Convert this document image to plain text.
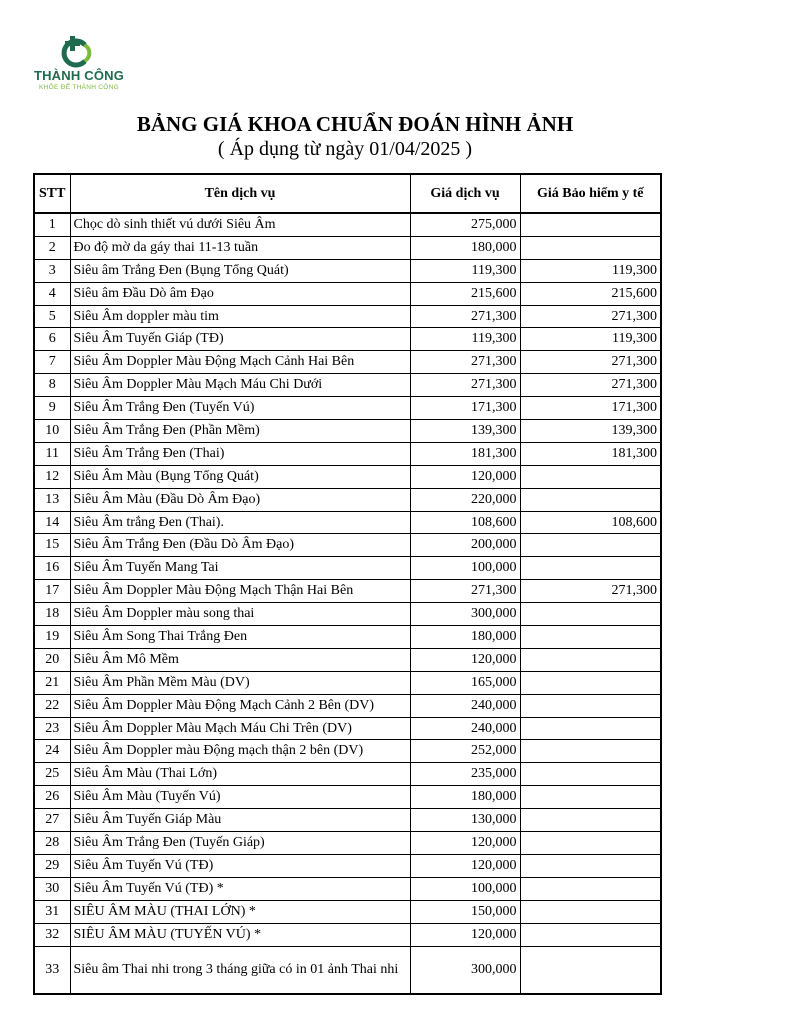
THÀNH CÔNG
KHỎE ĐỂ THÀNH CÔNG
BẢNG GIÁ KHOA CHUẨN ĐOÁN HÌNH ẢNH
( Áp dụng từ ngày 01/04/2025 )
STT	Tên dịch vụ	Giá dịch vụ	Giá Bảo hiểm y tế
1	Chọc dò sinh thiết vú dưới Siêu Âm	275,000	
2	Đo độ mờ da gáy thai 11-13 tuần	180,000	
3	Siêu âm Trắng Đen (Bụng Tổng Quát)	119,300	119,300
4	Siêu âm Đầu Dò âm Đạo	215,600	215,600
5	Siêu Âm doppler màu tim	271,300	271,300
6	Siêu Âm Tuyến Giáp (TĐ)	119,300	119,300
7	Siêu Âm Doppler Màu Động Mạch Cảnh Hai Bên	271,300	271,300
8	Siêu Âm Doppler Màu Mạch Máu Chi Dưới	271,300	271,300
9	Siêu Âm Trắng Đen (Tuyến Vú)	171,300	171,300
10	Siêu Âm Trắng Đen (Phần Mềm)	139,300	139,300
11	Siêu Âm Trắng Đen (Thai)	181,300	181,300
12	Siêu Âm Màu (Bụng Tổng Quát)	120,000	
13	Siêu Âm Màu (Đầu Dò Âm Đạo)	220,000	
14	Siêu Âm trắng Đen (Thai).	108,600	108,600
15	Siêu Âm Trắng Đen (Đầu Dò Âm Đạo)	200,000	
16	Siêu Âm Tuyến Mang Tai	100,000	
17	Siêu Âm Doppler Màu Động Mạch Thận Hai Bên	271,300	271,300
18	Siêu Âm Doppler màu song thai	300,000	
19	Siêu Âm Song Thai Trắng Đen	180,000	
20	Siêu Âm Mô Mềm	120,000	
21	Siêu Âm Phần Mềm Màu (DV)	165,000	
22	Siêu Âm Doppler Màu Động Mạch Cảnh 2 Bên (DV)	240,000	
23	Siêu Âm Doppler Màu Mạch Máu Chi Trên (DV)	240,000	
24	Siêu Âm Doppler màu Động mạch thận 2 bên (DV)	252,000	
25	Siêu Âm Màu (Thai Lớn)	235,000	
26	Siêu Âm Màu (Tuyến Vú)	180,000	
27	Siêu Âm Tuyến Giáp Màu	130,000	
28	Siêu Âm Trắng Đen (Tuyến Giáp)	120,000	
29	Siêu Âm Tuyến Vú (TĐ)	120,000	
30	Siêu Âm Tuyến Vú (TĐ) *	100,000	
31	SIÊU ÂM MÀU (THAI LỚN) *	150,000	
32	SIÊU ÂM MÀU (TUYẾN VÚ) *	120,000	
33	Siêu âm Thai nhi trong 3 tháng giữa có in 01 ảnh Thai nhi	300,000	
